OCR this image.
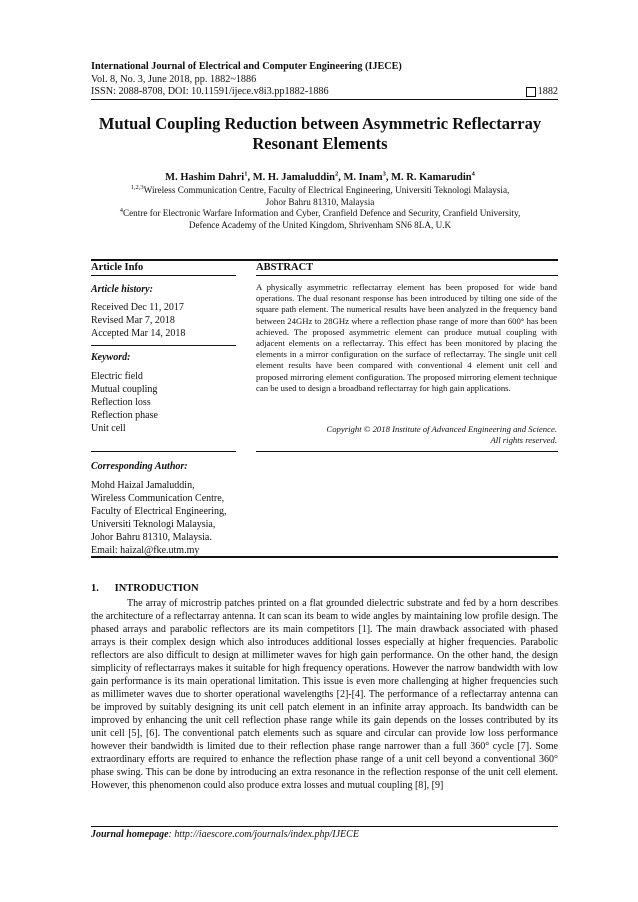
International Journal of Electrical and Computer Engineering (IJECE)
Vol. 8, No. 3, June 2018, pp. 1882~1886
ISSN: 2088-8708, DOI: 10.11591/ijece.v8i3.pp1882-1886	1882
Mutual Coupling Reduction between Asymmetric Reflectarray
Resonant Elements
M. Hashim Dahri$^1$, M. H. Jamaluddin$^2$, M. Inam$^3$, M. R. Kamarudin$^4$
$^{1,2,3}$Wireless Communication Centre, Faculty of Electrical Engineering, Universiti Teknologi Malaysia,
Johor Bahru 81310, Malaysia
$^4$Centre for Electronic Warfare Information and Cyber, Cranfield Defence and Security, Cranfield University,
Defence Academy of the United Kingdom, Shrivenham SN6 8LA, U.K
Article Info
Article history:
Received Dec 11, 2017
Revised Mar 7, 2018
Accepted Mar 14, 2018
Keyword:
Electric field
Mutual coupling
Reflection loss
Reflection phase
Unit cell
Corresponding Author:
Mohd Haizal Jamaluddin,
Wireless Communication Centre,
Faculty of Electrical Engineering,
Universiti Teknologi Malaysia,
Johor Bahru 81310, Malaysia.
Email: haizal@fke.utm.my
ABSTRACT
A physically asymmetric reflectarray element has been proposed for wide band operations. The dual resonant response has been introduced by tilting one side of the square path element. The numerical results have been analyzed in the frequency band between 24GHz to 28GHz where a reflection phase range of more than 600° has been achieved. The proposed asymmetric element can produce mutual coupling with adjacent elements on a reflectarray. This effect has been monitored by placing the elements in a mirror configuration on the surface of reflectarray. The single unit cell element results have been compared with conventional 4 element unit cell and proposed mirroring element configuration. The proposed mirroring element technique can be used to design a broadband reflectarray for high gain applications.
Copyright © 2018 Institute of Advanced Engineering and Science.
All rights reserved.
1.      INTRODUCTION
The array of microstrip patches printed on a flat grounded dielectric substrate and fed by a horn describes the architecture of a reflectarray antenna. It can scan its beam to wide angles by maintaining low profile design. The phased arrays and parabolic reflectors are its main competitors [1]. The main drawback associated with phased arrays is their complex design which also introduces additional losses especially at higher frequencies. Parabolic reflectors are also difficult to design at millimeter waves for high gain performance. On the other hand, the design simplicity of reflectarrays makes it suitable for high frequency operations. However the narrow bandwidth with low gain performance is its main operational limitation. This issue is even more challenging at higher frequencies such as millimeter waves due to shorter operational wavelengths [2]-[4]. The performance of a reflectarray antenna can be improved by suitably designing its unit cell patch element in an infinite array approach. Its bandwidth can be improved by enhancing the unit cell reflection phase range while its gain depends on the losses contributed by its unit cell [5], [6]. The conventional patch elements such as square and circular can provide low loss performance however their bandwidth is limited due to their reflection phase range narrower than a full 360° cycle [7]. Some extraordinary efforts are required to enhance the reflection phase range of a unit cell beyond a conventional 360° phase swing. This can be done by introducing an extra resonance in the reflection response of the unit cell element. However, this phenomenon could also produce extra losses and mutual coupling [8], [9]
Journal homepage: http://iaescore.com/journals/index.php/IJECE
